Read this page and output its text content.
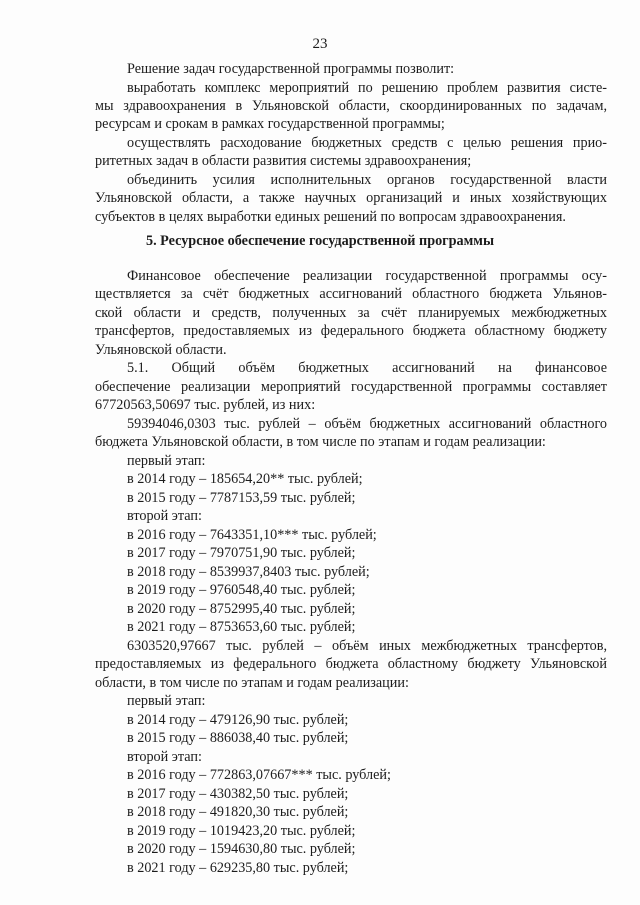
23
5. Ресурсное обеспечение государственной программы
Решение задач государственной программы позволит:
выработать комплекс мероприятий по решению проблем развития систе-
мы здравоохранения в Ульяновской области, скоординированных по задачам,
ресурсам и срокам в рамках государственной программы;
осуществлять расходование бюджетных средств с целью решения прио-
ритетных задач в области развития системы здравоохранения;
объединить усилия исполнительных органов государственной власти
Ульяновской области, а также научных организаций и иных хозяйствующих
субъектов в целях выработки единых решений по вопросам здравоохранения.
Финансовое обеспечение реализации государственной программы осу-
ществляется за счёт бюджетных ассигнований областного бюджета Ульянов-
ской области и средств, полученных за счёт планируемых межбюджетных
трансфертов, предоставляемых из федерального бюджета областному бюджету
Ульяновской области.
5.1. Общий объём бюджетных ассигнований на финансовое
обеспечение реализации мероприятий государственной программы составляет
67720563,50697 тыс. рублей, из них:
59394046,0303 тыс. рублей – объём бюджетных ассигнований областного
бюджета Ульяновской области, в том числе по этапам и годам реализации:
первый этап:
в 2014 году – 185654,20** тыс. рублей;
в 2015 году – 7787153,59 тыс. рублей;
второй этап:
в 2016 году – 7643351,10*** тыс. рублей;
в 2017 году – 7970751,90 тыс. рублей;
в 2018 году – 8539937,8403 тыс. рублей;
в 2019 году – 9760548,40 тыс. рублей;
в 2020 году – 8752995,40 тыс. рублей;
в 2021 году – 8753653,60 тыс. рублей;
6303520,97667 тыс. рублей – объём иных межбюджетных трансфертов,
предоставляемых из федерального бюджета областному бюджету Ульяновской
области, в том числе по этапам и годам реализации:
первый этап:
в 2014 году – 479126,90 тыс. рублей;
в 2015 году – 886038,40 тыс. рублей;
второй этап:
в 2016 году – 772863,07667*** тыс. рублей;
в 2017 году – 430382,50 тыс. рублей;
в 2018 году – 491820,30 тыс. рублей;
в 2019 году – 1019423,20 тыс. рублей;
в 2020 году – 1594630,80 тыс. рублей;
в 2021 году – 629235,80 тыс. рублей;
